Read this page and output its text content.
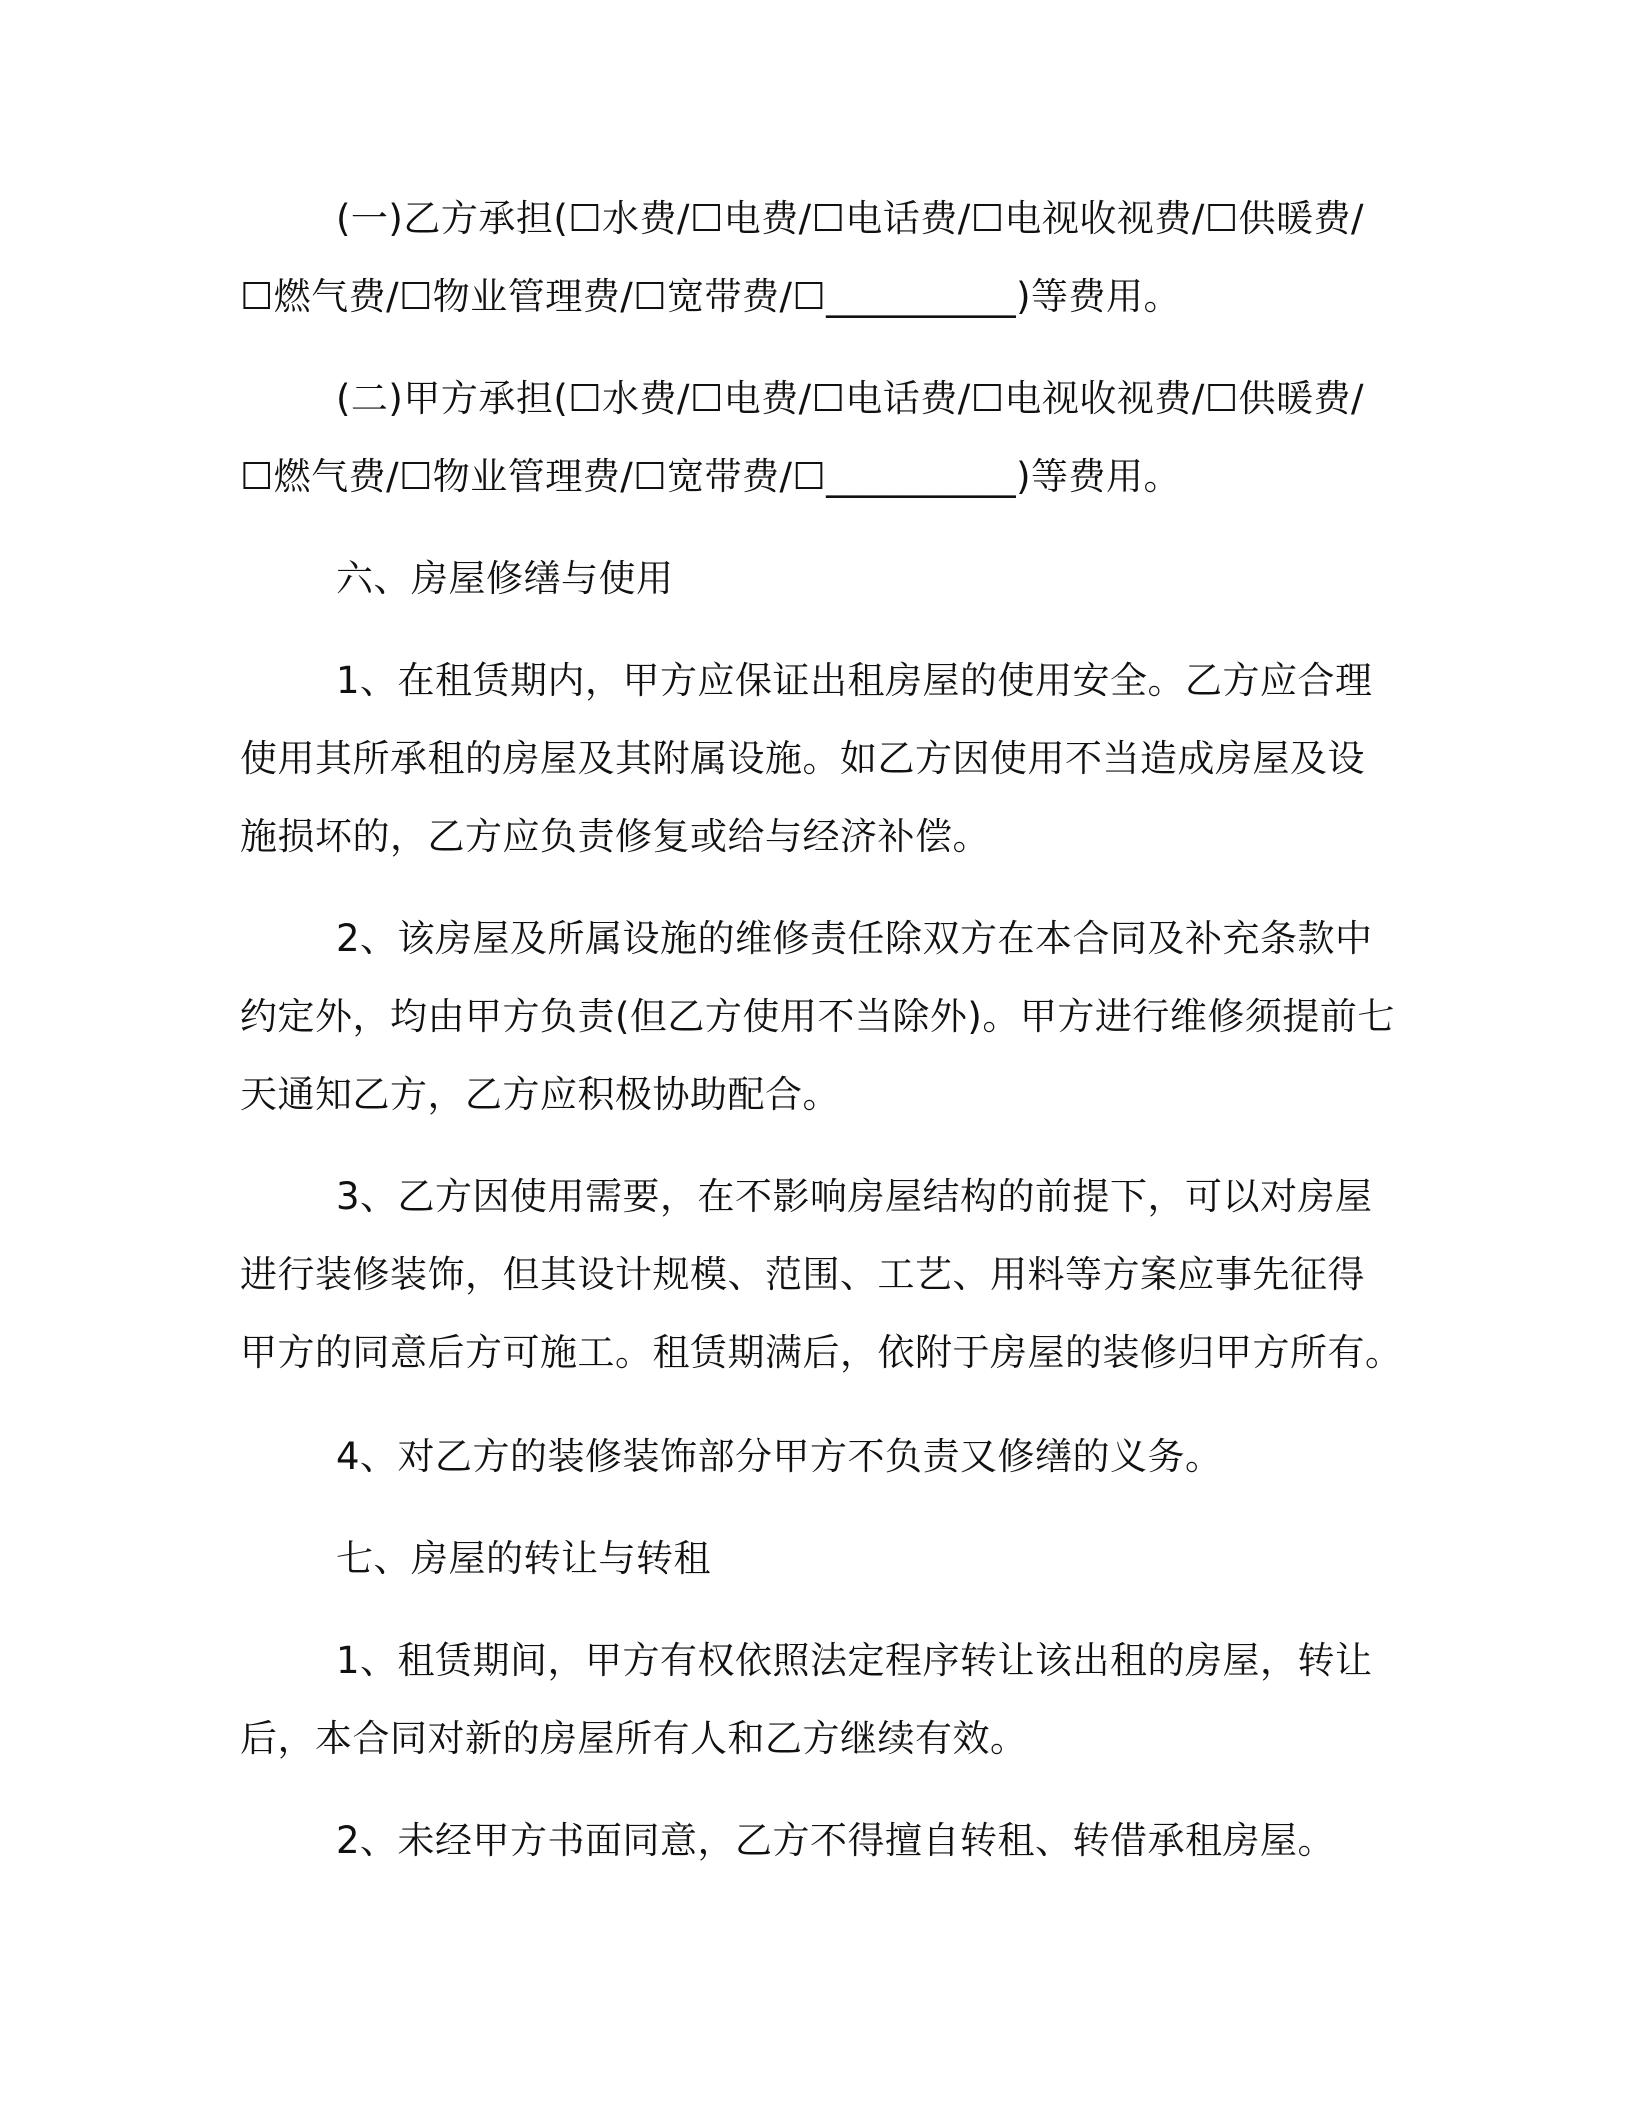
(一)乙方承担(☐水费/☐电费/☐电话费/☐电视收视费/☐供暖费/
☐燃气费/☐物业管理费/☐宽带费/☐__________)等费用。
(二)甲方承担(☐水费/☐电费/☐电话费/☐电视收视费/☐供暖费/
☐燃气费/☐物业管理费/☐宽带费/☐__________)等费用。
六、房屋修缮与使用
1、在租赁期内，甲方应保证出租房屋的使用安全。乙方应合理
使用其所承租的房屋及其附属设施。如乙方因使用不当造成房屋及设
施损坏的，乙方应负责修复或给与经济补偿。
2、该房屋及所属设施的维修责任除双方在本合同及补充条款中
约定外，均由甲方负责(但乙方使用不当除外)。甲方进行维修须提前七
天通知乙方，乙方应积极协助配合。
3、乙方因使用需要，在不影响房屋结构的前提下，可以对房屋
进行装修装饰，但其设计规模、范围、工艺、用料等方案应事先征得
甲方的同意后方可施工。租赁期满后，依附于房屋的装修归甲方所有。
4、对乙方的装修装饰部分甲方不负责又修缮的义务。
七、房屋的转让与转租
1、租赁期间，甲方有权依照法定程序转让该出租的房屋，转让
后，本合同对新的房屋所有人和乙方继续有效。
2、未经甲方书面同意，乙方不得擅自转租、转借承租房屋。
